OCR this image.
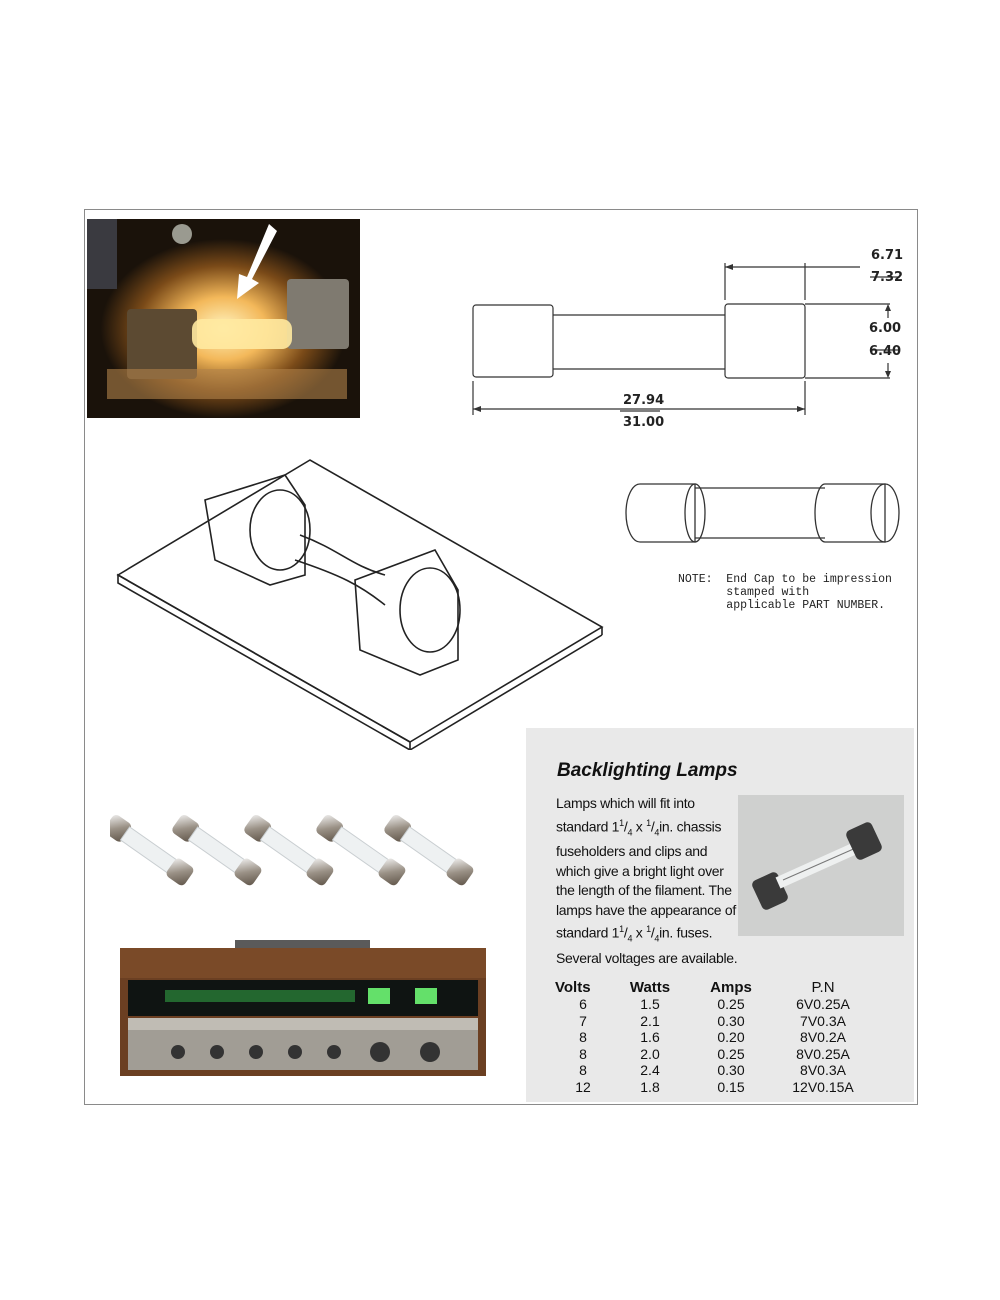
6.71
7.32
6.00
6.40
27.94
31.00
NOTE:  End Cap to be impression
stamped with
applicable PART NUMBER.
Backlighting Lamps
Lamps which will fit into standard $1^1/_4$ x $^1/_4in$. chassis fuseholders and clips and which give a bright light over the length of the filament. The lamps have the appearance of standard $1^1/_4$ x $^1/_4in$. fuses. Several voltages are available.
Volts	Watts	Amps	P.N
6	1.5	0.25	6V0.25A
7	2.1	0.30	7V0.3A
8	1.6	0.20	8V0.2A
8	2.0	0.25	8V0.25A
8	2.4	0.30	8V0.3A
12	1.8	0.15	12V0.15A
